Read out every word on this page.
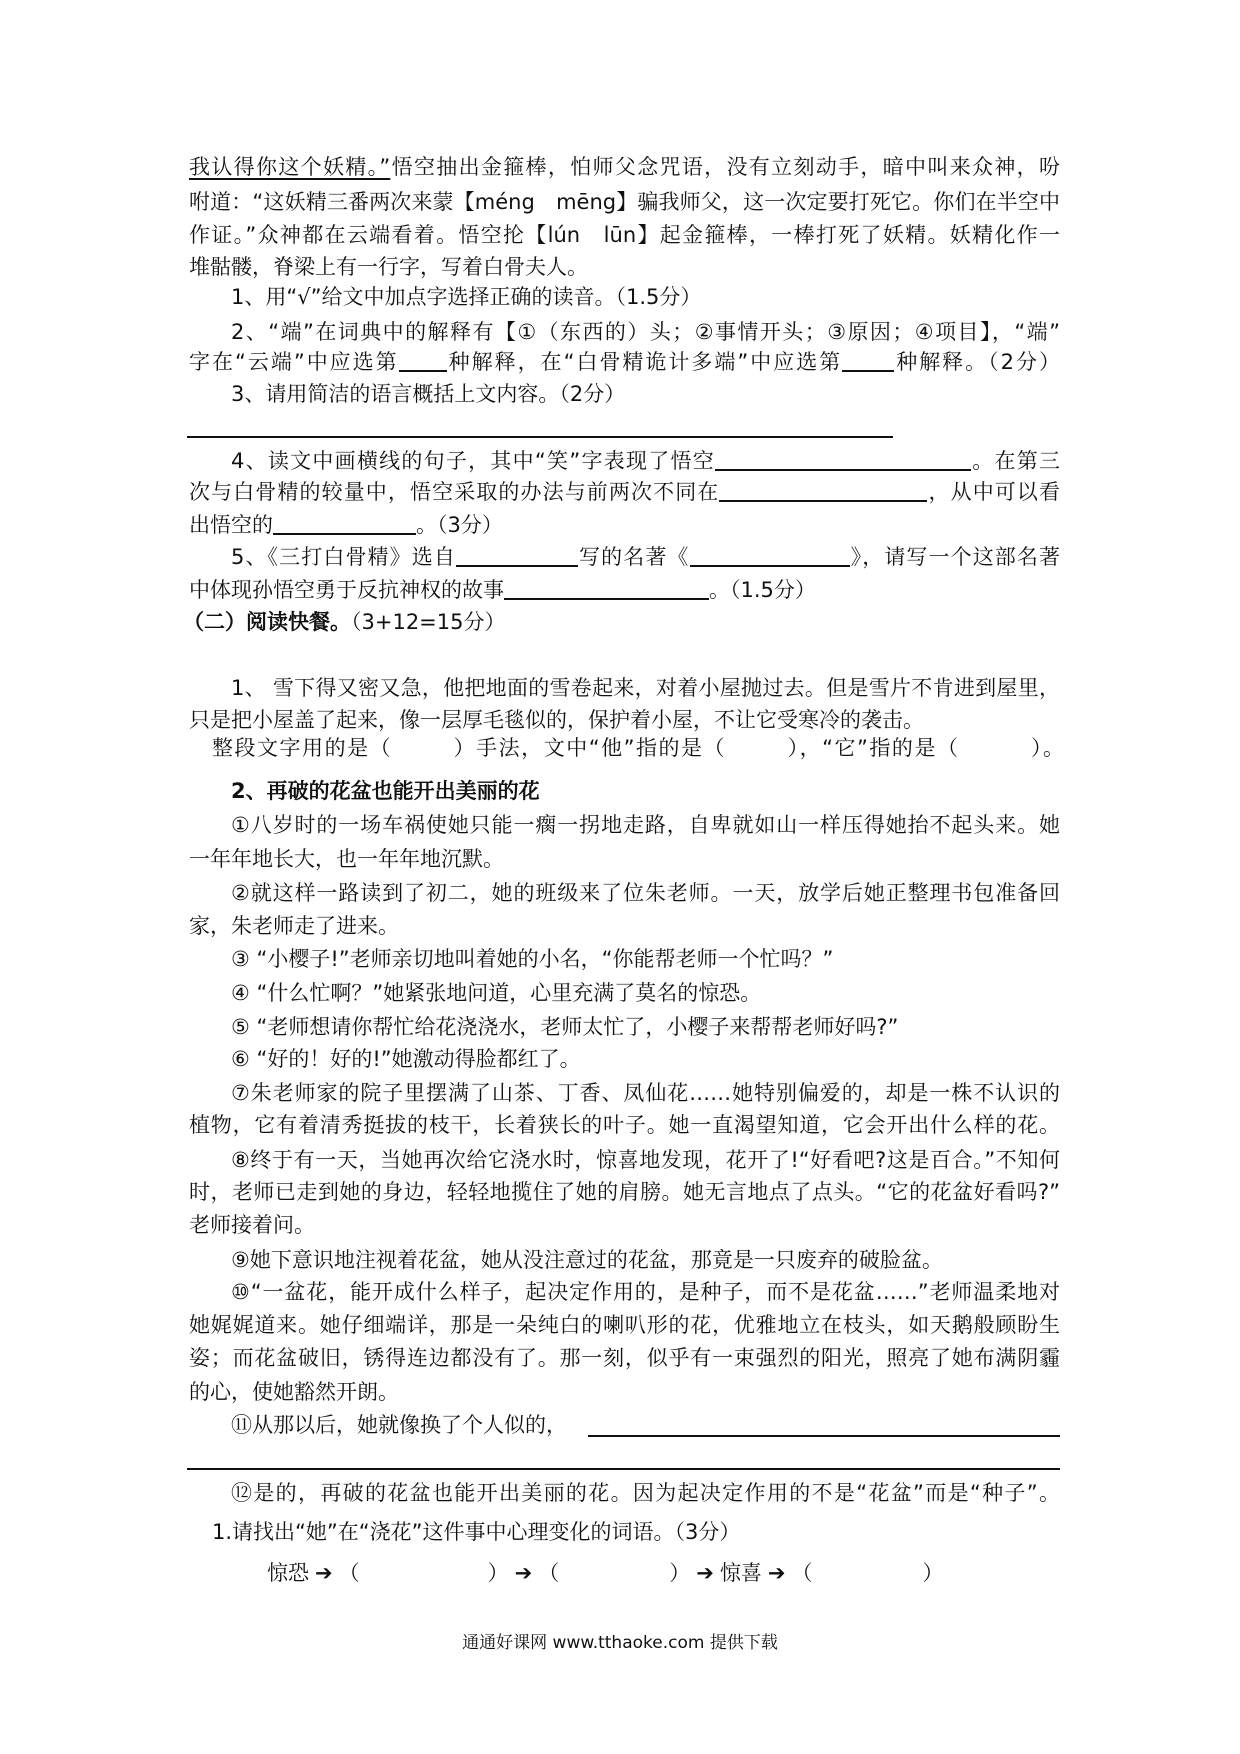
我认得你这个妖精。”悟空抽出金箍棒，怕师父念咒语，没有立刻动手，暗中叫来众神，吩
咐道：“这妖精三番两次来蒙【méng　mēng】骗我师父，这一次定要打死它。你们在半空中
作证。”众神都在云端看着。悟空抡【lún　lūn】起金箍棒，一棒打死了妖精。妖精化作一
堆骷髅，脊梁上有一行字，写着白骨夫人。
1、用“√”给文中加点字选择正确的读音。（1.5分）
2、“端”在词典中的解释有【①（东西的）头；②事情开头；③原因；④项目】，“端”
字在“云端”中应选第 种解释，在“白骨精诡计多端”中应选第 种解释。（2分）
3、请用简洁的语言概括上文内容。（2分）
4、读文中画横线的句子，其中“笑”字表现了悟空	。在第三
次与白骨精的较量中，悟空采取的办法与前两次不同在	，从中可以看
出悟空的	。（3分）
5、《三打白骨精》选自	写的名著《	》，请写一个这部名著
中体现孙悟空勇于反抗神权的故事	。（1.5分）
（二）阅读快餐。（3+12=15分）
1、 雪下得又密又急，他把地面的雪卷起来，对着小屋抛过去。但是雪片不肯进到屋里，
只是把小屋盖了起来，像一层厚毛毯似的，保护着小屋，不让它受寒冷的袭击。
整段文字用的是（	）手法，文中“他”指的是（	），“它”指的是（	）。
2、再破的花盆也能开出美丽的花
①八岁时的一场车祸使她只能一瘸一拐地走路，自卑就如山一样压得她抬不起头来。她
一年年地长大，也一年年地沉默。
②就这样一路读到了初二，她的班级来了位朱老师。一天，放学后她正整理书包准备回
家，朱老师走了进来。
③ “小樱子!”老师亲切地叫着她的小名，“你能帮老师一个忙吗？”
④ “什么忙啊？”她紧张地问道，心里充满了莫名的惊恐。
⑤ “老师想请你帮忙给花浇浇水，老师太忙了，小樱子来帮帮老师好吗?”
⑥ “好的！好的!”她激动得脸都红了。
⑦朱老师家的院子里摆满了山茶、丁香、凤仙花……她特别偏爱的，却是一株不认识的
植物，它有着清秀挺拔的枝干，长着狭长的叶子。她一直渴望知道，它会开出什么样的花。
⑧终于有一天，当她再次给它浇水时，惊喜地发现，花开了!“好看吧?这是百合。”不知何
时，老师已走到她的身边，轻轻地揽住了她的肩膀。她无言地点了点头。“它的花盆好看吗?”
老师接着问。
⑨她下意识地注视着花盆，她从没注意过的花盆，那竟是一只废弃的破脸盆。
⑩“一盆花，能开成什么样子，起决定作用的，是种子，而不是花盆……”老师温柔地对
她娓娓道来。她仔细端详，那是一朵纯白的喇叭形的花，优雅地立在枝头，如天鹅般顾盼生
姿；而花盆破旧，锈得连边都没有了。那一刻，似乎有一束强烈的阳光，照亮了她布满阴霾
的心，使她豁然开朗。
⑪从那以后，她就像换了个人似的，
⑫是的，再破的花盆也能开出美丽的花。因为起决定作用的不是“花盆”而是“种子”。
1.请找出“她”在“浇花”这件事中心理变化的词语。（3分）
惊恐 ➔ （	） ➔ （	） ➔ 惊喜 ➔ （	）
通通好课网 www.tthaoke.com 提供下载
